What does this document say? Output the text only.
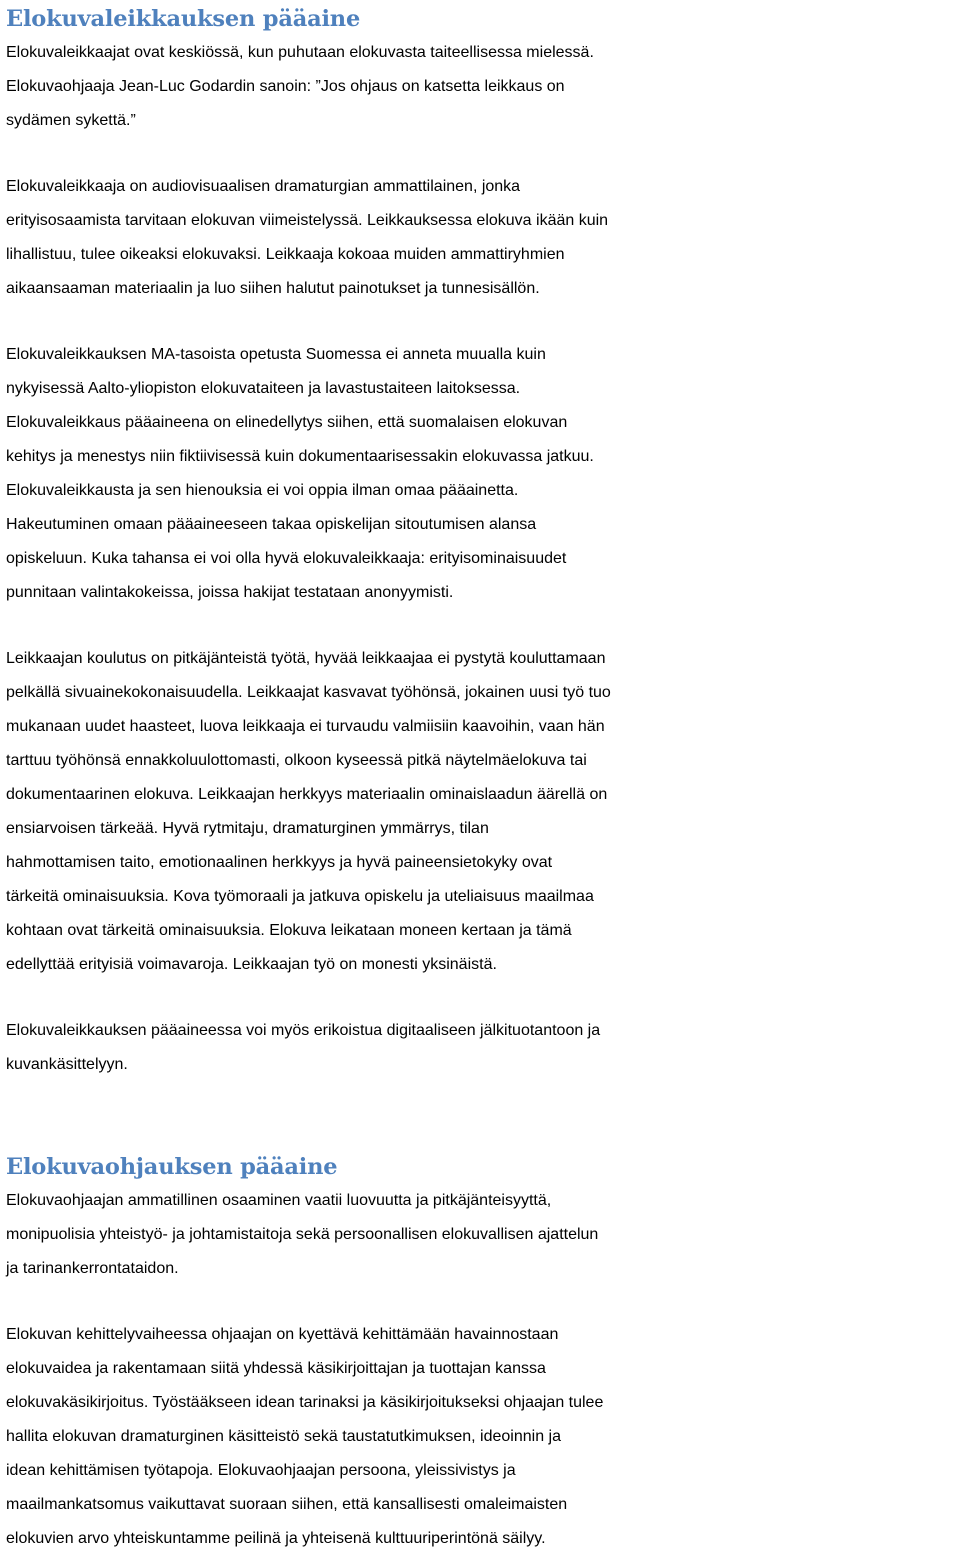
Elokuvaleikkauksen pääaine

Elokuvaleikkaajat ovat keskiössä, kun puhutaan elokuvasta taiteellisessa mielessä.
Elokuvaohjaaja Jean-Luc Godardin sanoin: ”Jos ohjaus on katsetta leikkaus on
sydämen sykettä.”

Elokuvaleikkaaja on audiovisuaalisen dramaturgian ammattilainen, jonka
erityisosaamista tarvitaan elokuvan viimeistelyssä. Leikkauksessa elokuva ikään kuin
lihallistuu, tulee oikeaksi elokuvaksi. Leikkaaja kokoaa muiden ammattiryhmien
aikaansaaman materiaalin ja luo siihen halutut painotukset ja tunnesisällön.

Elokuvaleikkauksen MA-tasoista opetusta Suomessa ei anneta muualla kuin
nykyisessä Aalto-yliopiston elokuvataiteen ja lavastustaiteen laitoksessa.
Elokuvaleikkaus pääaineena on elinedellytys siihen, että suomalaisen elokuvan
kehitys ja menestys niin fiktiivisessä kuin dokumentaarisessakin elokuvassa jatkuu.
Elokuvaleikkausta ja sen hienouksia ei voi oppia ilman omaa pääainetta.
Hakeutuminen omaan pääaineeseen takaa opiskelijan sitoutumisen alansa
opiskeluun. Kuka tahansa ei voi olla hyvä elokuvaleikkaaja: erityisominaisuudet
punnitaan valintakokeissa, joissa hakijat testataan anonyymisti.

Leikkaajan koulutus on pitkäjänteistä työtä, hyvää leikkaajaa ei pystytä kouluttamaan
pelkällä sivuainekokonaisuudella. Leikkaajat kasvavat työhönsä, jokainen uusi työ tuo
mukanaan uudet haasteet, luova leikkaaja ei turvaudu valmiisiin kaavoihin, vaan hän
tarttuu työhönsä ennakkoluulottomasti, olkoon kyseessä pitkä näytelmäelokuva tai
dokumentaarinen elokuva. Leikkaajan herkkyys materiaalin ominaislaadun äärellä on
ensiarvoisen tärkeää. Hyvä rytmitaju, dramaturginen ymmärrys, tilan
hahmottamisen taito, emotionaalinen herkkyys ja hyvä paineensietokyky ovat
tärkeitä ominaisuuksia. Kova työmoraali ja jatkuva opiskelu ja uteliaisuus maailmaa
kohtaan ovat tärkeitä ominaisuuksia. Elokuva leikataan moneen kertaan ja tämä
edellyttää erityisiä voimavaroja. Leikkaajan työ on monesti yksinäistä.

Elokuvaleikkauksen pääaineessa voi myös erikoistua digitaaliseen jälkituotantoon ja
kuvankäsittelyyn.

Elokuvaohjauksen pääaine

Elokuvaohjaajan ammatillinen osaaminen vaatii luovuutta ja pitkäjänteisyyttä,
monipuolisia yhteistyö- ja johtamistaitoja sekä persoonallisen elokuvallisen ajattelun
ja tarinankerrontataidon.

Elokuvan kehittelyvaiheessa ohjaajan on kyettävä kehittämään havainnostaan
elokuvaidea ja rakentamaan siitä yhdessä käsikirjoittajan ja tuottajan kanssa
elokuvakäsikirjoitus. Työstääkseen idean tarinaksi ja käsikirjoitukseksi ohjaajan tulee
hallita elokuvan dramaturginen käsitteistö sekä taustatutkimuksen, ideoinnin ja
idean kehittämisen työtapoja. Elokuvaohjaajan persoona, yleissivistys ja
maailmankatsomus vaikuttavat suoraan siihen, että kansallisesti omaleimaisten
elokuvien arvo yhteiskuntamme peilinä ja yhteisenä kulttuuriperintönä säilyy.
